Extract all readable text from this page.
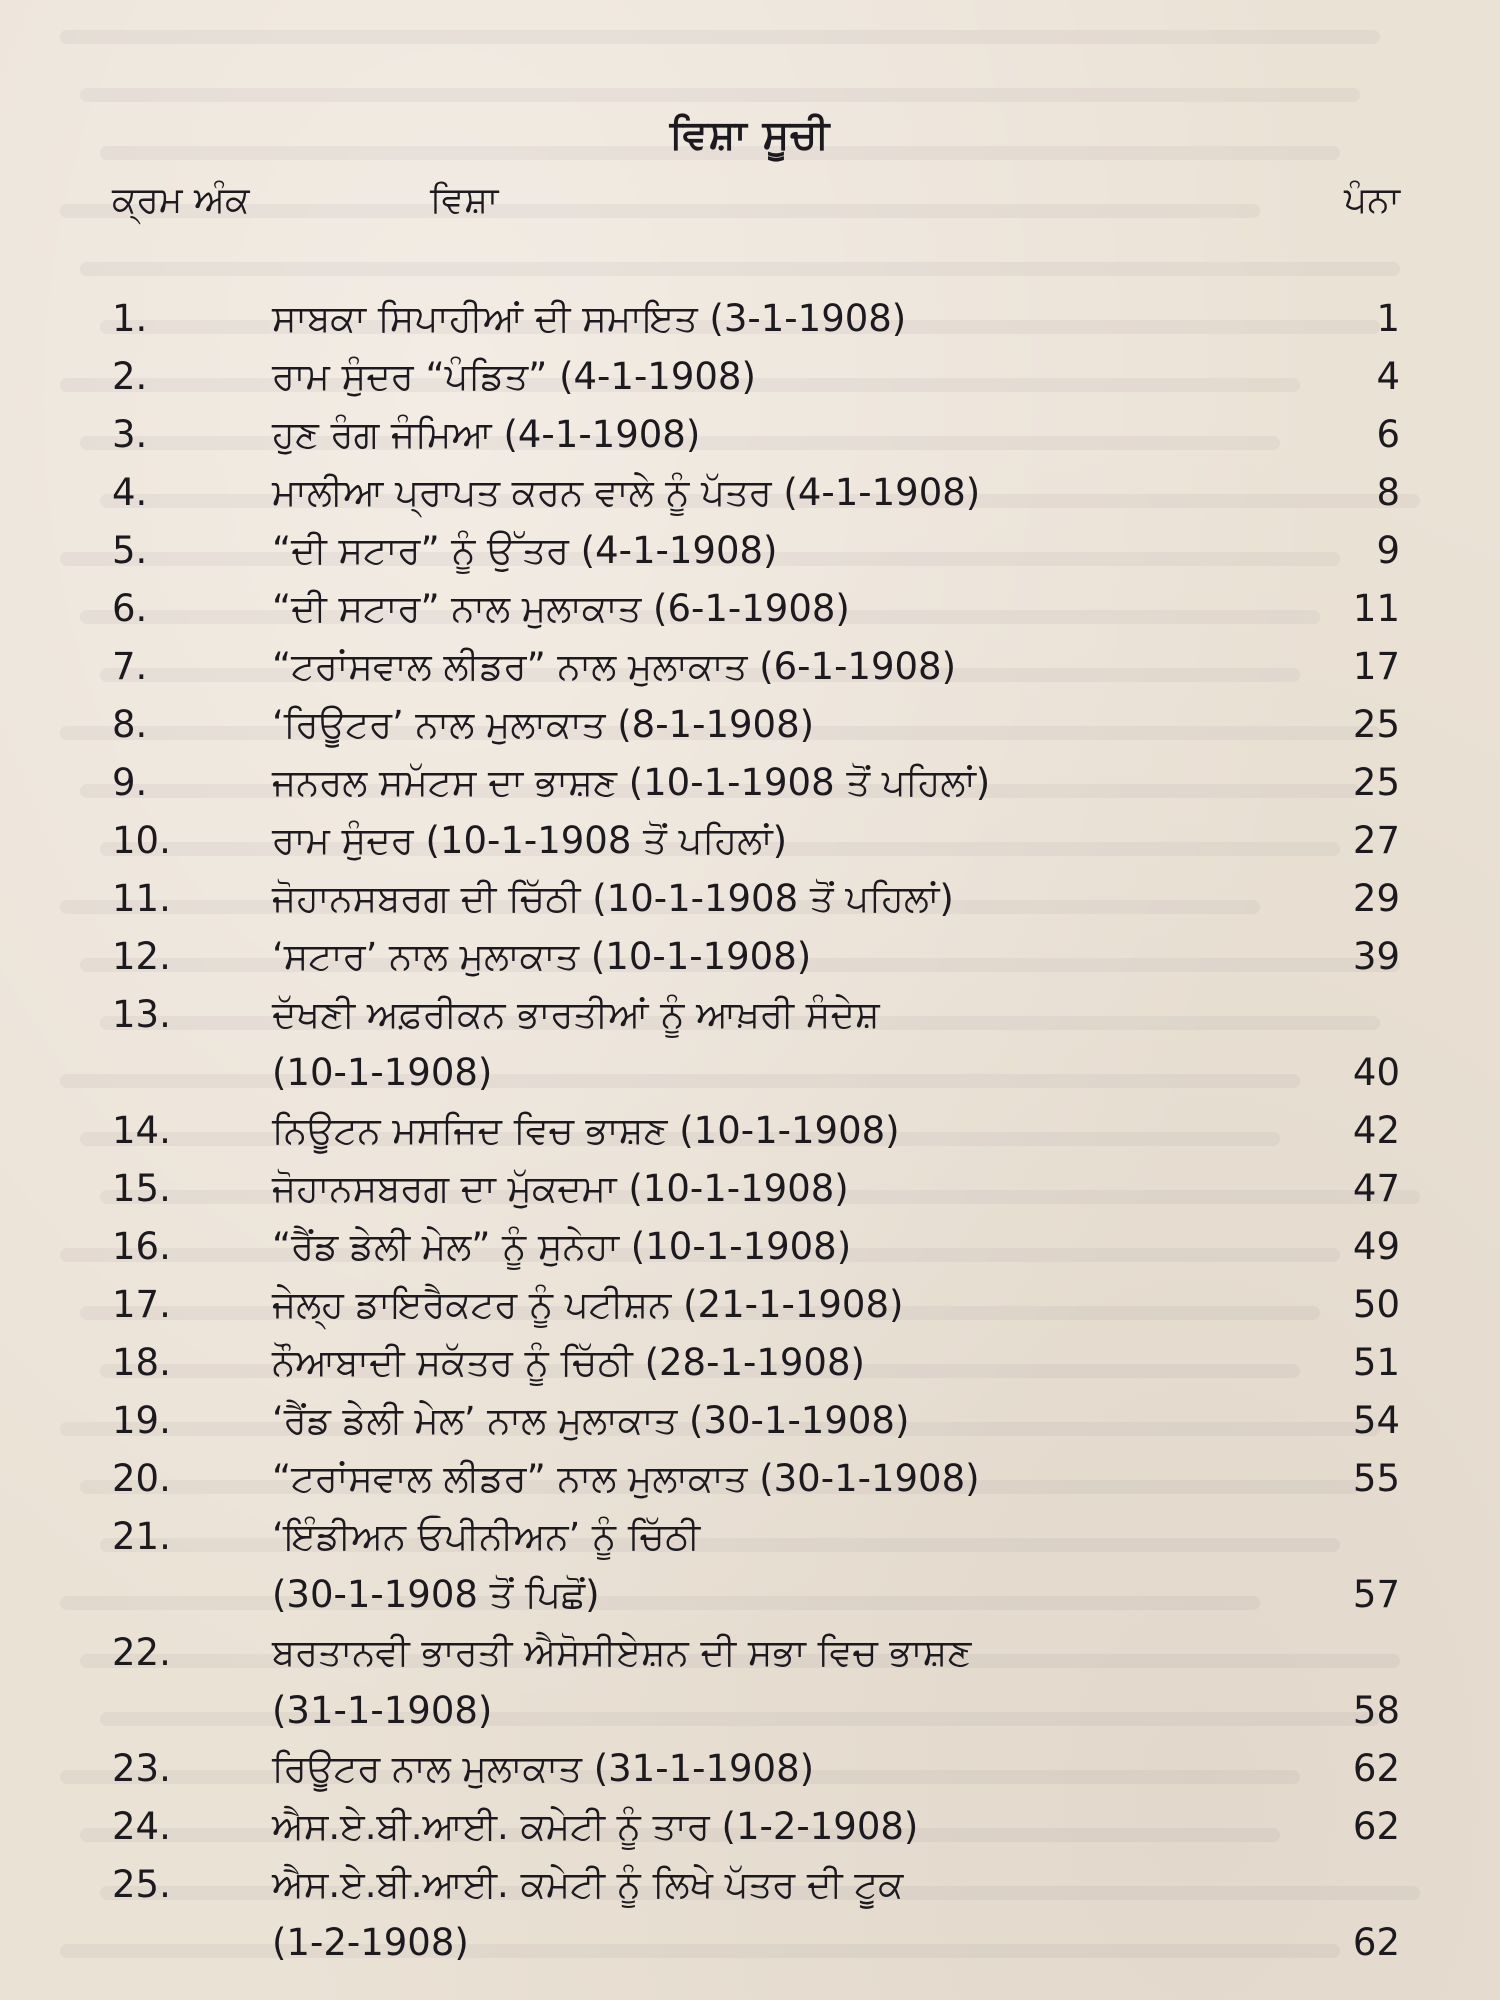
ਵਿਸ਼ਾ ਸੂਚੀ
ਕ੍ਰਮ ਅੰਕ	ਵਿਸ਼ਾ	ਪੰਨਾ
1.	ਸਾਬਕਾ ਸਿਪਾਹੀਆਂ ਦੀ ਸਮਾਇਤ (3-1-1908)	1
2.	ਰਾਮ ਸੁੰਦਰ “ਪੰਡਿਤ” (4-1-1908)	4
3.	ਹੁਣ ਰੰਗ ਜੰਮਿਆ (4-1-1908)	6
4.	ਮਾਲੀਆ ਪ੍ਰਾਪਤ ਕਰਨ ਵਾਲੇ ਨੂੰ ਪੱਤਰ (4-1-1908)	8
5.	“ਦੀ ਸਟਾਰ” ਨੂੰ ਉੱਤਰ (4-1-1908)	9
6.	“ਦੀ ਸਟਾਰ” ਨਾਲ ਮੁਲਾਕਾਤ (6-1-1908)	11
7.	“ਟਰਾਂਸਵਾਲ ਲੀਡਰ” ਨਾਲ ਮੁਲਾਕਾਤ (6-1-1908)	17
8.	‘ਰਿਊਟਰ’ ਨਾਲ ਮੁਲਾਕਾਤ (8-1-1908)	25
9.	ਜਨਰਲ ਸਮੱਟਸ ਦਾ ਭਾਸ਼ਣ (10-1-1908 ਤੋਂ ਪਹਿਲਾਂ)	25
10.	ਰਾਮ ਸੁੰਦਰ (10-1-1908 ਤੋਂ ਪਹਿਲਾਂ)	27
11.	ਜੋਹਾਨਸਬਰਗ ਦੀ ਚਿੱਠੀ (10-1-1908 ਤੋਂ ਪਹਿਲਾਂ)	29
12.	‘ਸਟਾਰ’ ਨਾਲ ਮੁਲਾਕਾਤ (10-1-1908)	39
13.	ਦੱਖਣੀ ਅਫ਼ਰੀਕਨ ਭਾਰਤੀਆਂ ਨੂੰ ਆਖ਼ਰੀ ਸੰਦੇਸ਼
(10-1-1908)	40
14.	ਨਿਊਟਨ ਮਸਜਿਦ ਵਿਚ ਭਾਸ਼ਣ (10-1-1908)	42
15.	ਜੋਹਾਨਸਬਰਗ ਦਾ ਮੁੱਕਦਮਾ (10-1-1908)	47
16.	“ਰੈਂਡ ਡੇਲੀ ਮੇਲ” ਨੂੰ ਸੁਨੇਹਾ (10-1-1908)	49
17.	ਜੇਲ੍ਹ ਡਾਇਰੈਕਟਰ ਨੂੰ ਪਟੀਸ਼ਨ (21-1-1908)	50
18.	ਨੌਆਬਾਦੀ ਸਕੱਤਰ ਨੂੰ ਚਿੱਠੀ (28-1-1908)	51
19.	‘ਰੈਂਡ ਡੇਲੀ ਮੇਲ’ ਨਾਲ ਮੁਲਾਕਾਤ (30-1-1908)	54
20.	“ਟਰਾਂਸਵਾਲ ਲੀਡਰ” ਨਾਲ ਮੁਲਾਕਾਤ (30-1-1908)	55
21.	‘ਇੰਡੀਅਨ ਓਪੀਨੀਅਨ’ ਨੂੰ ਚਿੱਠੀ
(30-1-1908 ਤੋਂ ਪਿਛੋਂ)	57
22.	ਬਰਤਾਨਵੀ ਭਾਰਤੀ ਐਸੋਸੀਏਸ਼ਨ ਦੀ ਸਭਾ ਵਿਚ ਭਾਸ਼ਣ
(31-1-1908)	58
23.	ਰਿਊਟਰ ਨਾਲ ਮੁਲਾਕਾਤ (31-1-1908)	62
24.	ਐਸ.ਏ.ਬੀ.ਆਈ. ਕਮੇਟੀ ਨੂੰ ਤਾਰ (1-2-1908)	62
25.	ਐਸ.ਏ.ਬੀ.ਆਈ. ਕਮੇਟੀ ਨੂੰ ਲਿਖੇ ਪੱਤਰ ਦੀ ਟੂਕ
(1-2-1908)	62
